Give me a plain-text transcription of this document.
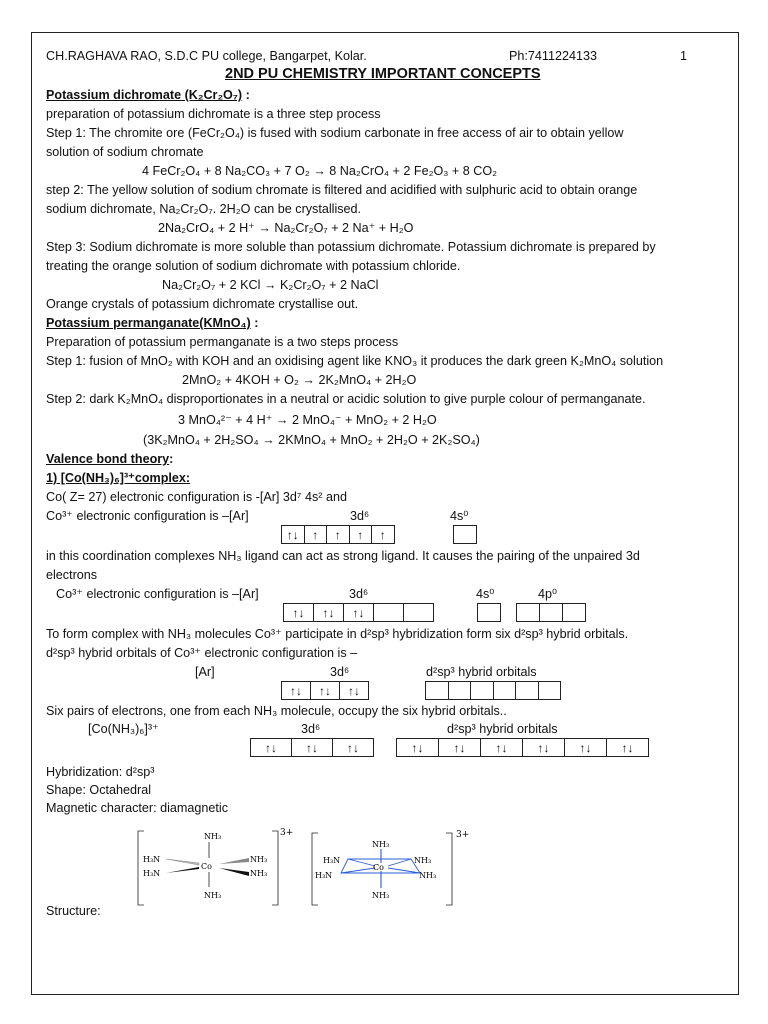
CH.RAGHAVA RAO, S.D.C PU college, Bangarpet, Kolar.	Ph:7411224133	1
2ND PU CHEMISTRY IMPORTANT CONCEPTS
Potassium dichromate (K₂Cr₂O₇) :
preparation of potassium dichromate is a three step process
Step 1: The chromite ore (FeCr₂O₄) is fused with sodium carbonate in free access of air to obtain yellow
solution of sodium chromate
4 FeCr₂O₄ + 8 Na₂CO₃ + 7 O₂ → 8 Na₂CrO₄ + 2 Fe₂O₃ + 8 CO₂
step 2: The yellow solution of sodium chromate is filtered and acidified with sulphuric acid to obtain orange
sodium dichromate, Na₂Cr₂O₇. 2H₂O can be crystallised.
2Na₂CrO₄ + 2 H⁺ → Na₂Cr₂O₇ + 2 Na⁺ + H₂O
Step 3: Sodium dichromate is more soluble than potassium dichromate. Potassium dichromate is prepared by
treating the orange solution of sodium dichromate with potassium chloride.
Na₂Cr₂O₇ + 2 KCl → K₂Cr₂O₇ + 2 NaCl
Orange crystals of potassium dichromate crystallise out.
Potassium permanganate(KMnO₄) :
Preparation of potassium permanganate is a two steps process
Step 1: fusion of MnO₂ with KOH and an oxidising agent like KNO₃ it produces the dark green K₂MnO₄ solution
2MnO₂ + 4KOH + O₂ → 2K₂MnO₄ + 2H₂O
Step 2: dark K₂MnO₄ disproportionates in a neutral or acidic solution to give purple colour of permanganate.
3 MnO₄²⁻ + 4 H⁺ → 2 MnO₄⁻ + MnO₂ + 2 H₂O
(3K₂MnO₄ + 2H₂SO₄ → 2KMnO₄ + MnO₂ + 2H₂O + 2K₂SO₄)
Valence bond theory:
1) [Co(NH₃)₆]³⁺complex:
Co( Z= 27) electronic configuration is -[Ar] 3d⁷ 4s² and
Co³⁺ electronic configuration is –[Ar]	3d⁶	4s⁰
↑↓	↑	↑	↑	↑
in this coordination complexes NH₃ ligand can act as strong ligand. It causes the pairing of the unpaired 3d
electrons
Co³⁺ electronic configuration is –[Ar]	3d⁶	4s⁰	4p⁰
↑↓	↑↓	↑↓
To form complex with NH₃ molecules Co³⁺ participate in d²sp³ hybridization form six d²sp³ hybrid orbitals.
d²sp³ hybrid orbitals of Co³⁺ electronic configuration is –
[Ar]	3d⁶	d²sp³ hybrid orbitals
↑↓	↑↓	↑↓
Six pairs of electrons, one from each NH₃ molecule, occupy the six hybrid orbitals..
[Co(NH₃)₆]³⁺	3d⁶	d²sp³ hybrid orbitals
↑↓	↑↓	↑↓	↑↓	↑↓	↑↓	↑↓	↑↓	↑↓
Hybridization: d²sp³
Shape: Octahedral
Magnetic character: diamagnetic
Structure:
3+
NH₃
Co
NH₃
H₃N
H₃N
NH₃
NH₃
3+
NH₃
NH₃
H₃N
H₃N
NH₃
NH₃
Co
